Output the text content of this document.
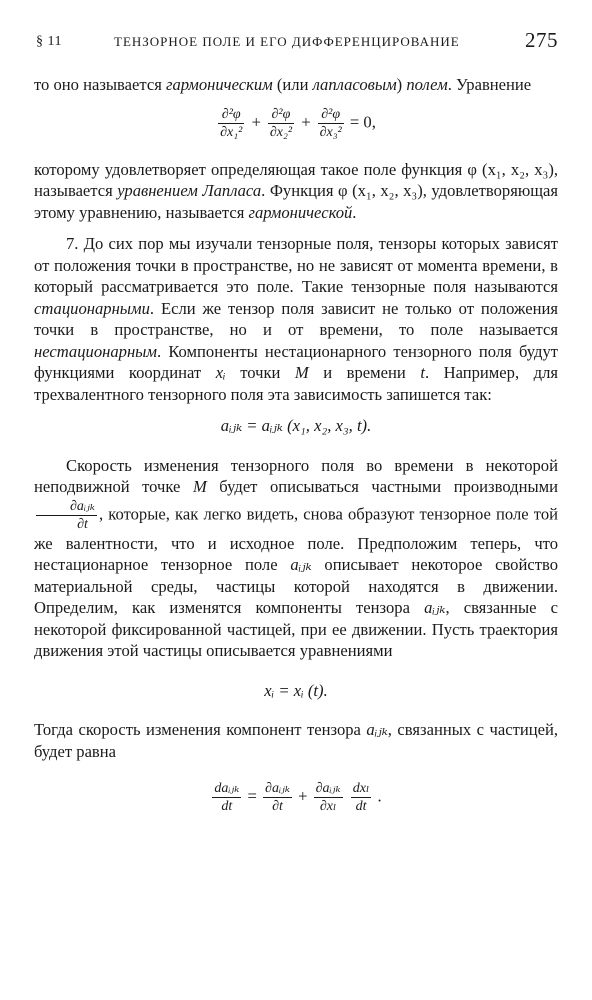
§ 11	ТЕНЗОРНОЕ ПОЛЕ И ЕГО ДИФФЕРЕНЦИРОВАНИЕ	275

то оно называется гармоническим (или лапласовым) полем. Уравнение

$\frac{\text{∂²φ}}{\text{∂x₁²}} + \frac{\text{∂²φ}}{\text{∂x₂²}} + \frac{\text{∂²φ}}{\text{∂x₃²}} = 0$,

которому удовлетворяет определяющая такое поле функция φ (x₁, x₂, x₃), называется уравнением Лапласа. Функция φ (x₁, x₂, x₃), удовлетворяющая этому уравнению, называется гармонической.

7. До сих пор мы изучали тензорные поля, тензоры которых зависят от положения точки в пространстве, но не зависят от момента времени, в который рассматривается это поле. Такие тензорные поля называются стационарными. Если же тензор поля зависит не только от положения точки в пространстве, но и от времени, то поле называется нестационарным. Компоненты нестационарного тензорного поля будут функциями координат xᵢ точки M и времени t. Например, для трехвалентного тензорного поля эта зависимость запишется так:

aᵢⱼₖ = aᵢⱼₖ (x₁, x₂, x₃, t).

Скорость изменения тензорного поля во времени в некоторой неподвижной точке M будет описываться частными производными
$\frac{\text{∂aᵢⱼₖ}}{\partial t}$ , которые, как легко видеть, снова образуют тензорное поле той же валентности, что и исходное поле. Предположим теперь, что нестационарное тензорное поле aᵢⱼₖ описывает некоторое свойство материальной среды, частицы которой находятся в движении. Определим, как изменятся компоненты тензора aᵢⱼₖ, связанные с некоторой фиксированной частицей, при ее движении. Пусть траектория движения этой частицы описывается уравнениями

xᵢ = xᵢ (t).

Тогда скорость изменения компонент тензора aᵢⱼₖ, связанных с частицей, будет равна

$\frac{\text{daᵢⱼₖ}}{dt} = \frac{\text{∂aᵢⱼₖ}}{\partial t} + \frac{\text{∂aᵢⱼₖ}}{\text{∂xₗ}}$
$\frac{\text{dxₗ}}{dt}$ .
